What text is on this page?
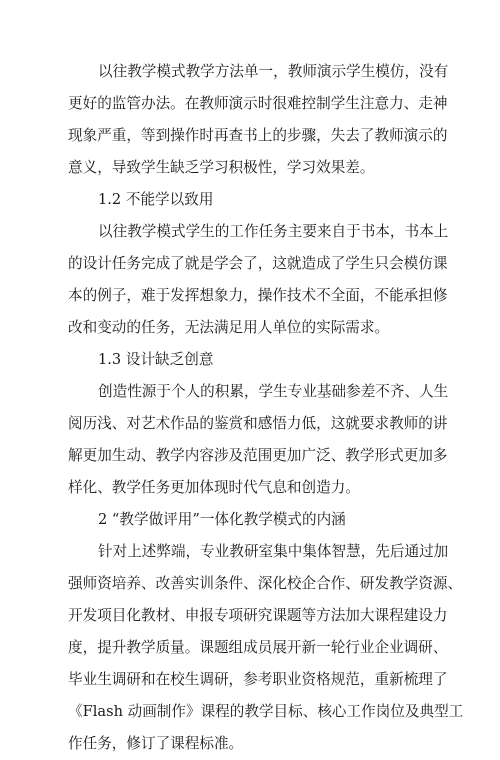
以往教学模式教学方法单一，教师演示学生模仿，没有
更好的监管办法。在教师演示时很难控制学生注意力、走神
现象严重，等到操作时再查书上的步骤，失去了教师演示的
意义，导致学生缺乏学习积极性，学习效果差。
1.2 不能学以致用
以往教学模式学生的工作任务主要来自于书本，书本上
的设计任务完成了就是学会了，这就造成了学生只会模仿课
本的例子，难于发挥想象力，操作技术不全面，不能承担修
改和变动的任务，无法满足用人单位的实际需求。
1.3 设计缺乏创意
创造性源于个人的积累，学生专业基础参差不齐、人生
阅历浅、对艺术作品的鉴赏和感悟力低，这就要求教师的讲
解更加生动、教学内容涉及范围更加广泛、教学形式更加多
样化、教学任务更加体现时代气息和创造力。
2 “教学做评用”一体化教学模式的内涵
针对上述弊端，专业教研室集中集体智慧，先后通过加
强师资培养、改善实训条件、深化校企合作、研发教学资源、
开发项目化教材、申报专项研究课题等方法加大课程建设力
度，提升教学质量。课题组成员展开新一轮行业企业调研、
毕业生调研和在校生调研，参考职业资格规范，重新梳理了
《Flash 动画制作》课程的教学目标、核心工作岗位及典型工
作任务，修订了课程标准。
